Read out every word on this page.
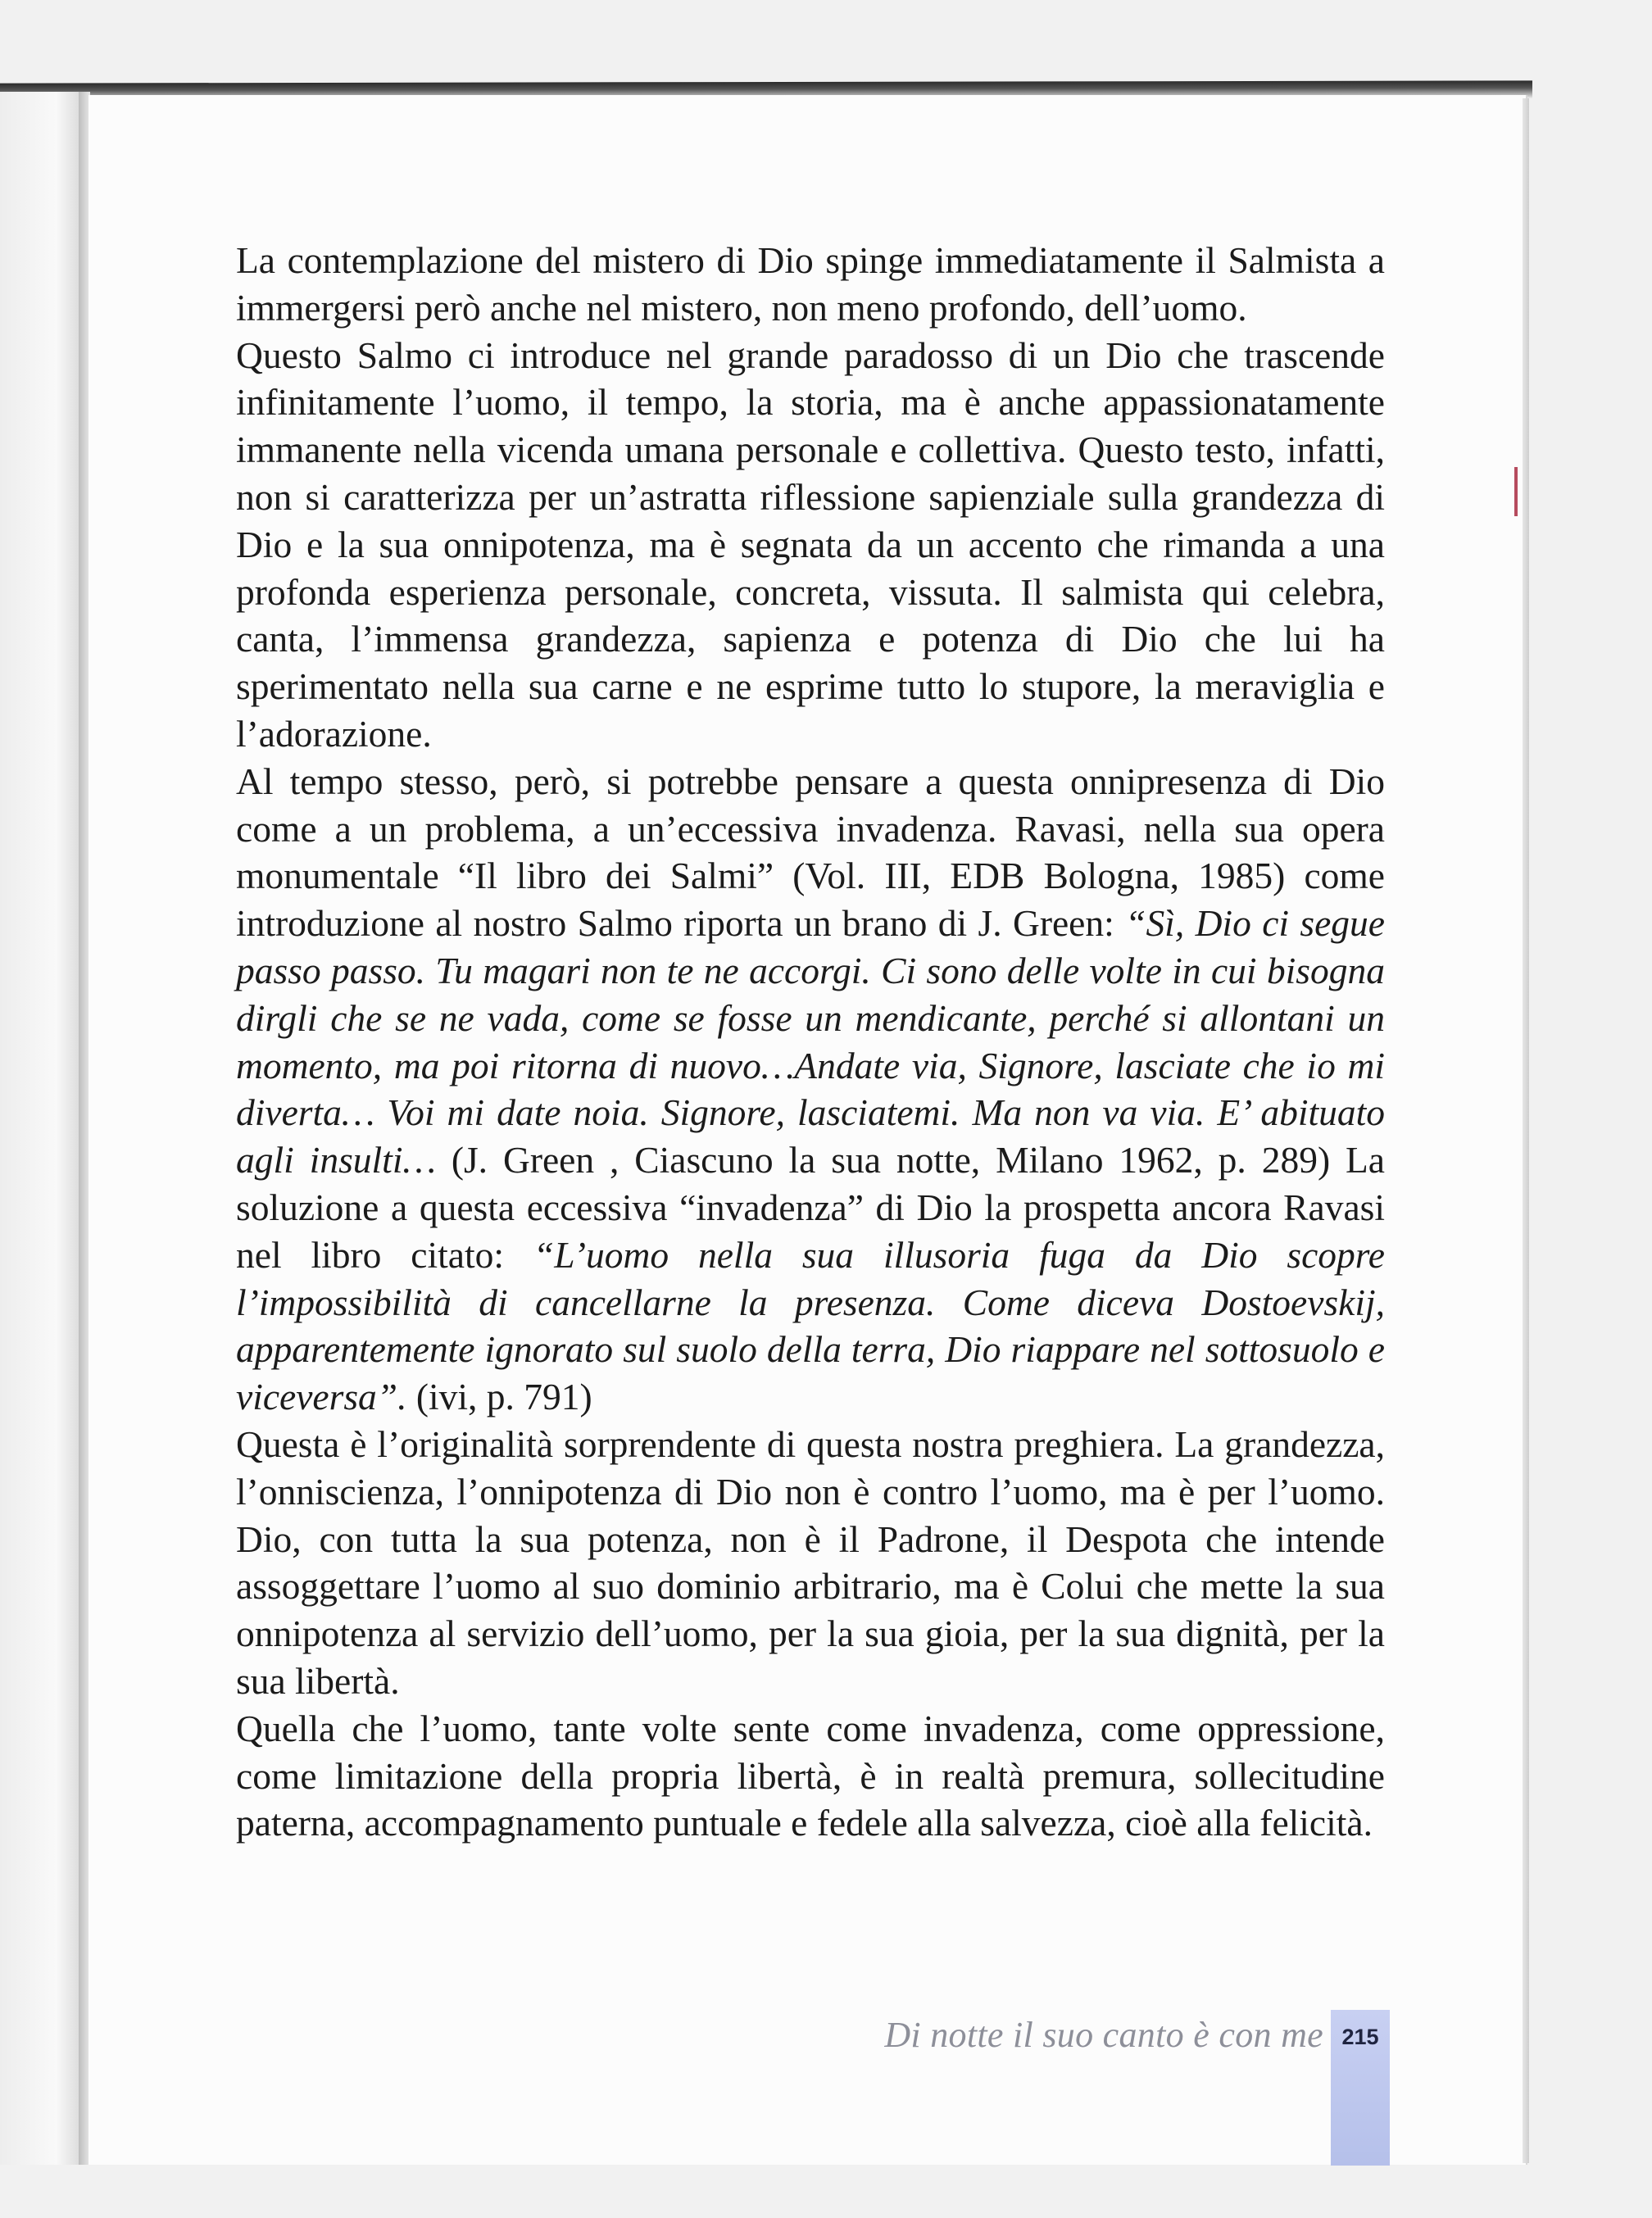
La contemplazione del mistero di Dio spinge immediatamente il Salmista a immergersi però anche nel mistero, non meno profondo, dell’uomo.

Questo Salmo ci introduce nel grande paradosso di un Dio che trascende infinitamente l’uomo, il tempo, la storia, ma è anche appassionatamente immanente nella vicenda umana personale e collettiva. Questo testo, infatti, non si caratterizza per un’astratta riflessione sapienziale sulla grandezza di Dio e la sua onnipotenza, ma è segnata da un accento che rimanda a una profonda esperienza personale, concreta, vissuta. Il salmista qui celebra, canta, l’immensa grandezza, sapienza e potenza di Dio che lui ha sperimentato nella sua carne e ne esprime tutto lo stupore, la meraviglia e l’adorazione.

Al tempo stesso, però, si potrebbe pensare a questa onnipresenza di Dio come a un problema, a un’eccessiva invadenza. Ravasi, nella sua opera monumentale “Il libro dei Salmi” (Vol. III, EDB Bologna, 1985) come introduzione al nostro Salmo riporta un brano di J. Green: “Sì, Dio ci segue passo passo. Tu magari non te ne accorgi. Ci sono delle volte in cui bisogna dirgli che se ne vada, come se fosse un mendicante, perché si allontani un momento, ma poi ritorna di nuovo…Andate via, Signore, lasciate che io mi diverta… Voi mi date noia. Signore, lasciatemi. Ma non va via. E’ abituato agli insulti… (J. Green , Ciascuno la sua notte, Milano 1962, p. 289) La soluzione a questa eccessiva “invadenza” di Dio la prospetta ancora Ravasi nel libro citato: “L’uomo nella sua illusoria fuga da Dio scopre l’impossibilità di cancellarne la presenza. Come diceva Dostoevskij, apparentemente ignorato sul suolo della terra, Dio riappare nel sottosuolo e viceversa”. (ivi, p. 791)

Questa è l’originalità sorprendente di questa nostra preghiera. La grandezza, l’onniscienza, l’onnipotenza di Dio non è contro l’uomo, ma è per l’uomo. Dio, con tutta la sua potenza, non è il Padrone, il Despota che intende assoggettare l’uomo al suo dominio arbitrario, ma è Colui che mette la sua onnipotenza al servizio dell’uomo, per la sua gioia, per la sua dignità, per la sua libertà.

Quella che l’uomo, tante volte sente come invadenza, come oppressione, come limitazione della propria libertà, è in realtà premura, sollecitudine paterna, accompagnamento puntuale e fedele alla salvezza, cioè alla felicità.

Di notte il suo canto è con me 215
